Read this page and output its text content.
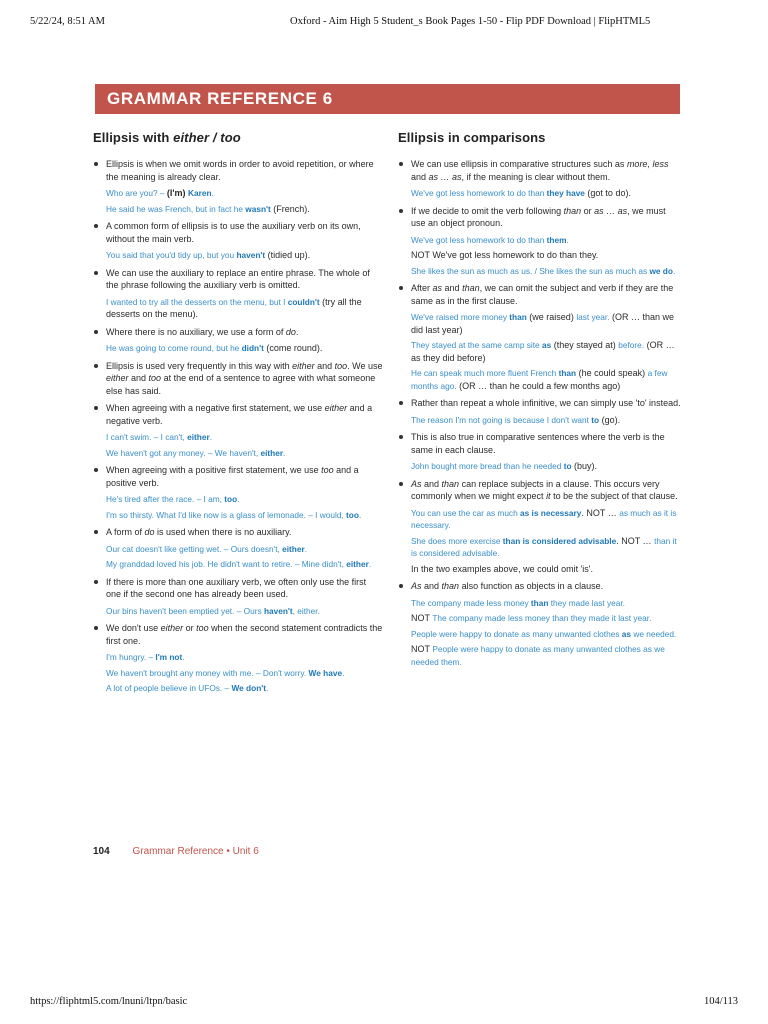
5/22/24, 8:51 AM	Oxford - Aim High 5 Student_s Book Pages 1-50 - Flip PDF Download | FlipHTML5
GRAMMAR REFERENCE 6
Ellipsis with either / too
Ellipsis is when we omit words in order to avoid repetition, or where the meaning is already clear.
Who are you? – (I'm) Karen.
He said he was French, but in fact he wasn't (French).
A common form of ellipsis is to use the auxiliary verb on its own, without the main verb.
You said that you'd tidy up, but you haven't (tidied up).
We can use the auxiliary to replace an entire phrase. The whole of the phrase following the auxiliary verb is omitted.
I wanted to try all the desserts on the menu, but I couldn't (try all the desserts on the menu).
Where there is no auxiliary, we use a form of do.
He was going to come round, but he didn't (come round).
Ellipsis is used very frequently in this way with either and too. We use either and too at the end of a sentence to agree with what someone else has said.
When agreeing with a negative first statement, we use either and a negative verb.
I can't swim. – I can't, either.
We haven't got any money. – We haven't, either.
When agreeing with a positive first statement, we use too and a positive verb.
He's tired after the race. – I am, too.
I'm so thirsty. What I'd like now is a glass of lemonade. – I would, too.
A form of do is used when there is no auxiliary.
Our cat doesn't like getting wet. – Ours doesn't, either.
My granddad loved his job. He didn't want to retire. – Mine didn't, either.
If there is more than one auxiliary verb, we often only use the first one if the second one has already been used.
Our bins haven't been emptied yet. – Ours haven't, either.
We don't use either or too when the second statement contradicts the first one.
I'm hungry. – I'm not.
We haven't brought any money with me. – Don't worry. We have.
A lot of people believe in UFOs. – We don't.
Ellipsis in comparisons
We can use ellipsis in comparative structures such as more, less and as … as, if the meaning is clear without them.
We've got less homework to do than they have (got to do).
If we decide to omit the verb following than or as … as, we must use an object pronoun.
We've got less homework to do than them.
NOT We've got less homework to do than they.
She likes the sun as much as us. / She likes the sun as much as we do.
After as and than, we can omit the subject and verb if they are the same as in the first clause.
We've raised more money than (we raised) last year. (OR … than we did last year)
They stayed at the same camp site as (they stayed at) before. (OR … as they did before)
He can speak much more fluent French than (he could speak) a few months ago. (OR … than he could a few months ago)
Rather than repeat a whole infinitive, we can simply use 'to' instead.
The reason I'm not going is because I don't want to (go).
This is also true in comparative sentences where the verb is the same in each clause.
John bought more bread than he needed to (buy).
As and than can replace subjects in a clause. This occurs very commonly when we might expect it to be the subject of that clause.
You can use the car as much as is necessary. NOT … as much as it is necessary.
She does more exercise than is considered advisable. NOT … than it is considered advisable.
In the two examples above, we could omit 'is'.
As and than also function as objects in a clause.
The company made less money than they made last year.
NOT The company made less money than they made it last year.
People were happy to donate as many unwanted clothes as we needed.
NOT People were happy to donate as many unwanted clothes as we needed them.
104 Grammar Reference • Unit 6
https://fliphtml5.com/lnuni/ltpn/basic	104/113
